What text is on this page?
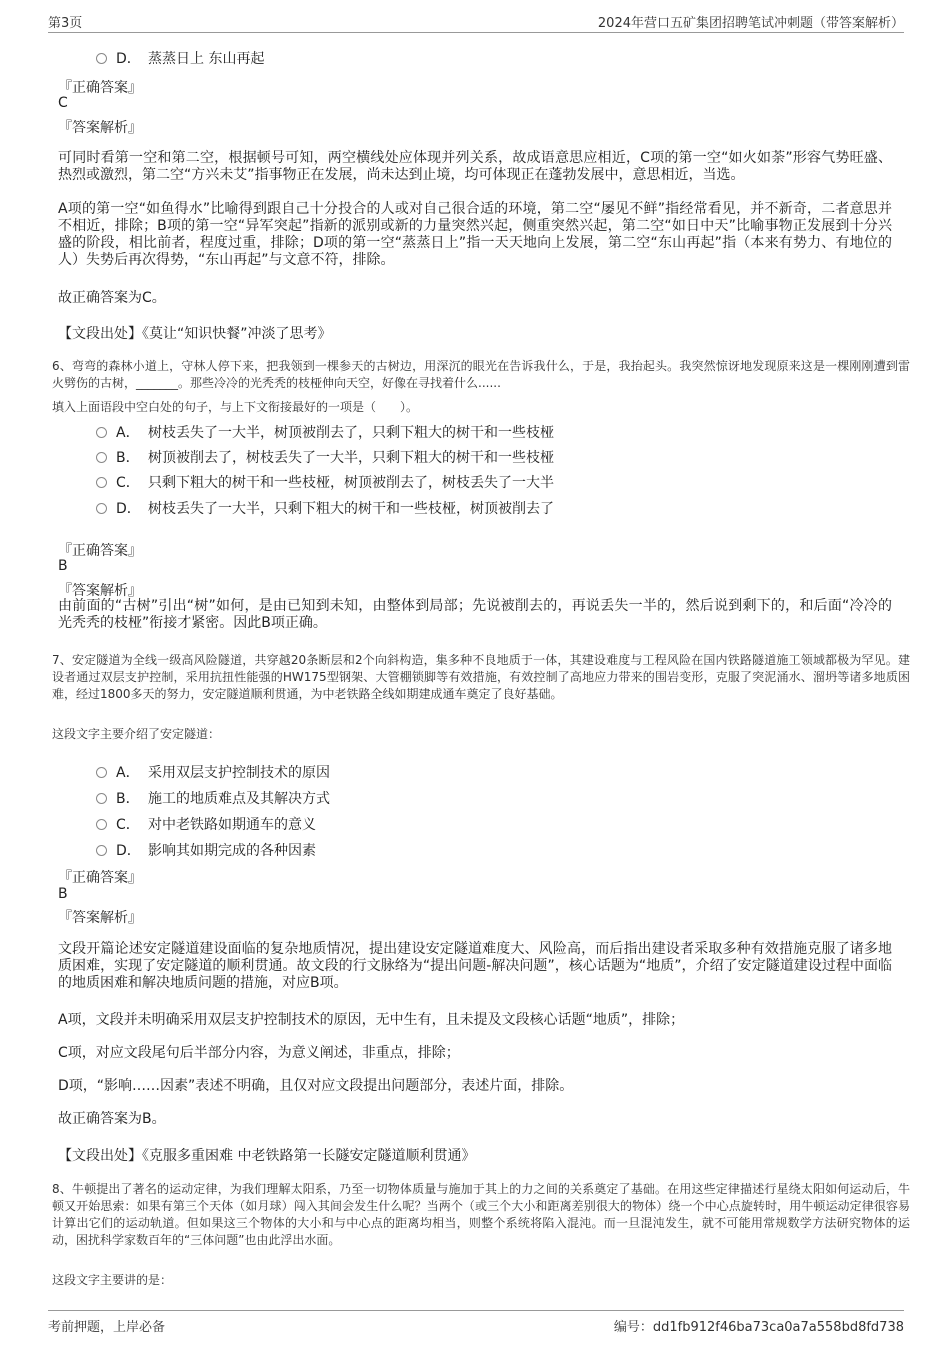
第3页	2024年营口五矿集团招聘笔试冲刺题（带答案解析）
D． 蒸蒸日上 东山再起
『正确答案』
C
『答案解析』
可同时看第一空和第二空，根据顿号可知，两空横线处应体现并列关系，故成语意思应相近，C项的第一空“如火如荼”形容气势旺盛、热烈或激烈，第二空“方兴未艾”指事物正在发展，尚未达到止境，均可体现正在蓬勃发展中，意思相近，当选。
A项的第一空“如鱼得水”比喻得到跟自己十分投合的人或对自己很合适的环境，第二空“屡见不鲜”指经常看见，并不新奇，二者意思并不相近，排除；B项的第一空“异军突起”指新的派别或新的力量突然兴起，侧重突然兴起，第二空“如日中天”比喻事物正发展到十分兴盛的阶段，相比前者，程度过重，排除；D项的第一空“蒸蒸日上”指一天天地向上发展，第二空“东山再起”指（本来有势力、有地位的人）失势后再次得势，“东山再起”与文意不符，排除。
故正确答案为C。
【文段出处】《莫让“知识快餐”冲淡了思考》
6、弯弯的森林小道上，守林人停下来，把我领到一棵参天的古树边，用深沉的眼光在告诉我什么，于是，我抬起头。我突然惊讶地发现原来这是一棵刚刚遭到雷火劈伤的古树，_______。那些冷冷的光秃秃的枝桠伸向天空，好像在寻找着什么......
填入上面语段中空白处的句子，与上下文衔接最好的一项是（　　）。
A． 树枝丢失了一大半，树顶被削去了，只剩下粗大的树干和一些枝桠
B． 树顶被削去了，树枝丢失了一大半，只剩下粗大的树干和一些枝桠
C． 只剩下粗大的树干和一些枝桠，树顶被削去了，树枝丢失了一大半
D． 树枝丢失了一大半，只剩下粗大的树干和一些枝桠，树顶被削去了
『正确答案』
B
『答案解析』
由前面的“古树”引出“树”如何，是由已知到未知，由整体到局部；先说被削去的，再说丢失一半的，然后说到剩下的，和后面“冷冷的光秃秃的枝桠”衔接才紧密。因此B项正确。
7、安定隧道为全线一级高风险隧道，共穿越20条断层和2个向斜构造，集多种不良地质于一体，其建设难度与工程风险在国内铁路隧道施工领域都极为罕见。建设者通过双层支护控制，采用抗扭性能强的HW175型钢架、大管棚锁脚等有效措施，有效控制了高地应力带来的围岩变形，克服了突泥涌水、溜坍等诸多地质困难，经过1800多天的努力，安定隧道顺利贯通，为中老铁路全线如期建成通车奠定了良好基础。
这段文字主要介绍了安定隧道：
A． 采用双层支护控制技术的原因
B． 施工的地质难点及其解决方式
C． 对中老铁路如期通车的意义
D． 影响其如期完成的各种因素
『正确答案』
B
『答案解析』
文段开篇论述安定隧道建设面临的复杂地质情况，提出建设安定隧道难度大、风险高，而后指出建设者采取多种有效措施克服了诸多地质困难，实现了安定隧道的顺利贯通。故文段的行文脉络为“提出问题-解决问题”，核心话题为“地质”，介绍了安定隧道建设过程中面临的地质困难和解决地质问题的措施，对应B项。
A项，文段并未明确采用双层支护控制技术的原因，无中生有，且未提及文段核心话题“地质”，排除；
C项，对应文段尾句后半部分内容，为意义阐述，非重点，排除；
D项，“影响……因素”表述不明确，且仅对应文段提出问题部分，表述片面，排除。
故正确答案为B。
【文段出处】《克服多重困难 中老铁路第一长隧安定隧道顺利贯通》
8、牛顿提出了著名的运动定律，为我们理解太阳系，乃至一切物体质量与施加于其上的力之间的关系奠定了基础。在用这些定律描述行星绕太阳如何运动后，牛顿又开始思索：如果有第三个天体（如月球）闯入其间会发生什么呢？当两个（或三个大小和距离差别很大的物体）绕一个中心点旋转时，用牛顿运动定律很容易计算出它们的运动轨道。但如果这三个物体的大小和与中心点的距离均相当，则整个系统将陷入混沌。而一旦混沌发生，就不可能用常规数学方法研究物体的运动，困扰科学家数百年的“三体问题”也由此浮出水面。
这段文字主要讲的是：
考前押题，上岸必备	编号：dd1fb912f46ba73ca0a7a558bd8fd738
